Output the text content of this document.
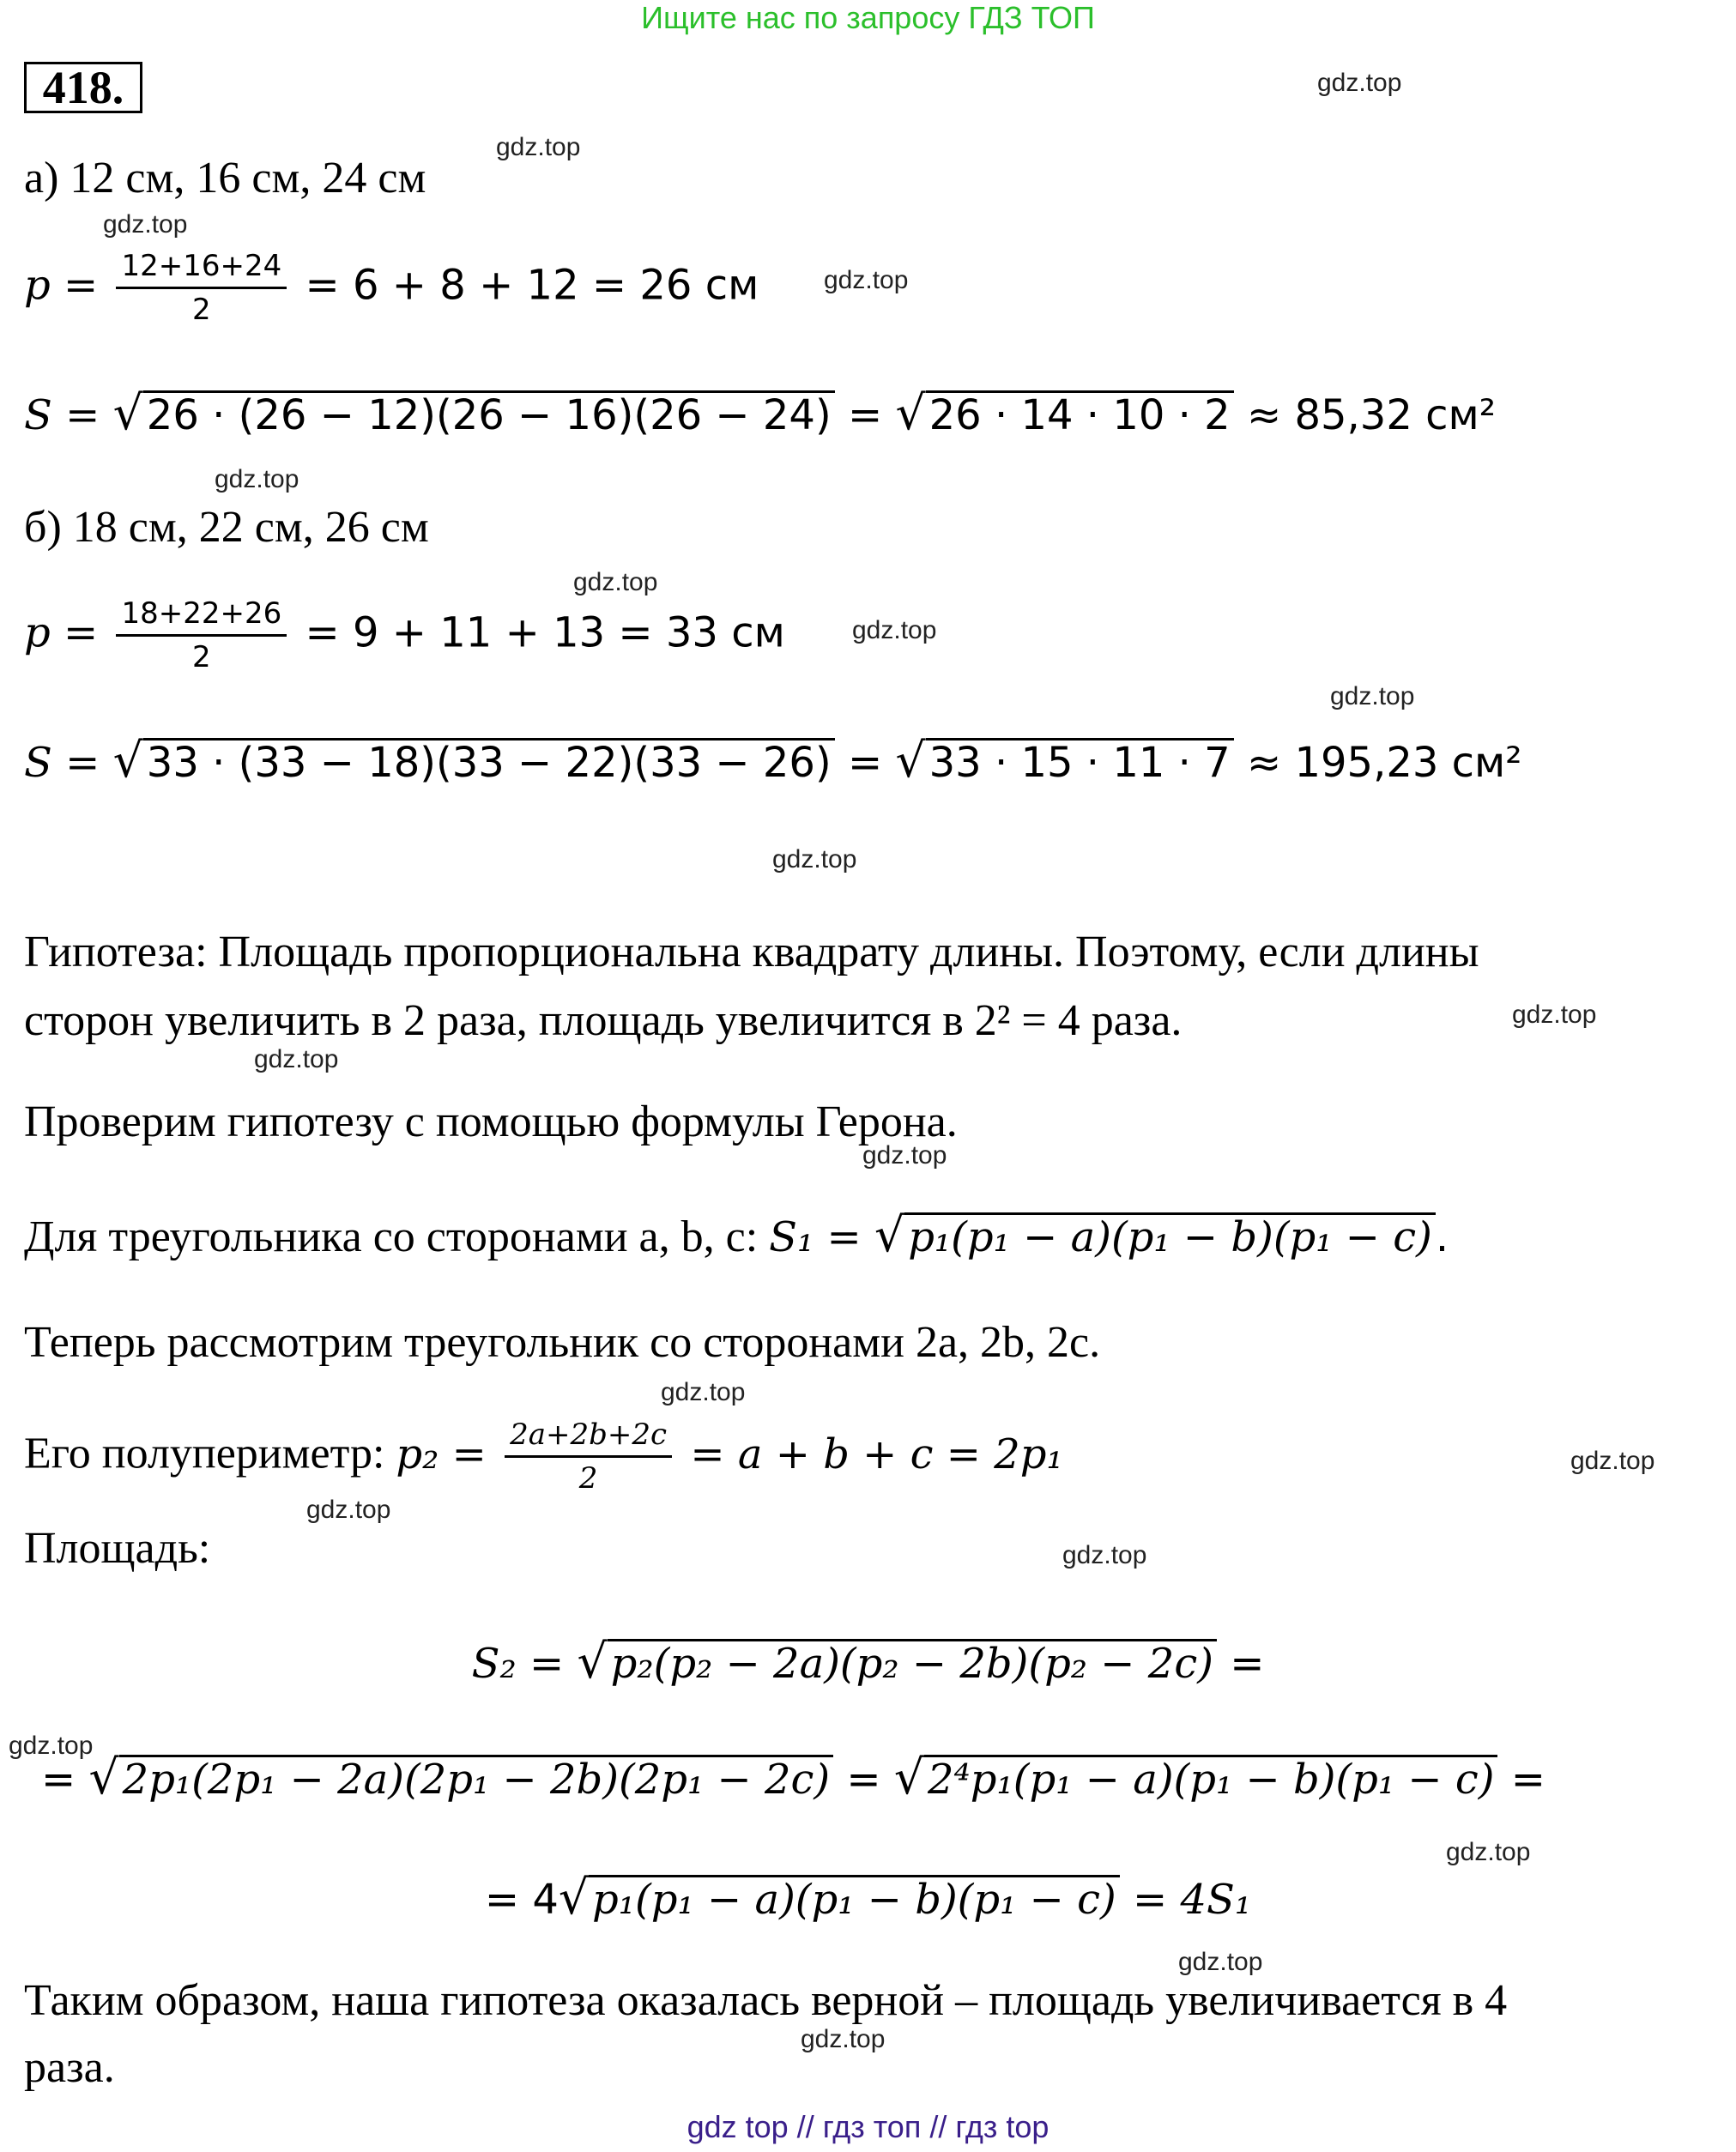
Ищите нас по запросу ГДЗ ТОП
418.
а) 12 см, 16 см, 24 см
$p = \frac{12+16+24}{2} = 6 + 8 + 12 = 26$ см
S = √26 · (26 − 12)(26 − 16)(26 − 24) = √26 · 14 · 10 · 2 ≈ 85,32 см²
б) 18 см, 22 см, 26 см
$p = \frac{18+22+26}{2} = 9 + 11 + 13 = 33$ см
S = √33 · (33 − 18)(33 − 22)(33 − 26) = √33 · 15 · 11 · 7 ≈ 195,23 см²
Гипотеза: Площадь пропорциональна квадрату длины. Поэтому, если длины
сторон увеличить в 2 раза, площадь увеличится в 2² = 4 раза.
Проверим гипотезу с помощью формулы Герона.
Для треугольника со сторонами a, b, c: S₁ = √p₁(p₁ − a)(p₁ − b)(p₁ − c).
Теперь рассмотрим треугольник со сторонами 2a, 2b, 2c.
Его полупериметр: $p_2 = \frac{2a+2b+2c}{2} = a + b + c = 2p_1$
Площадь:
S₂ = √p₂(p₂ − 2a)(p₂ − 2b)(p₂ − 2c) =
= √2p₁(2p₁ − 2a)(2p₁ − 2b)(2p₁ − 2c) = √2⁴p₁(p₁ − a)(p₁ − b)(p₁ − c) =
= 4√p₁(p₁ − a)(p₁ − b)(p₁ − c) = 4S₁
Таким образом, наша гипотеза оказалась верной – площадь увеличивается в 4
раза.
gdz.top
gdz.top
gdz.top
gdz.top
gdz.top
gdz.top
gdz.top
gdz.top
gdz.top
gdz.top
gdz.top
gdz.top
gdz.top
gdz.top
gdz.top
gdz.top
gdz.top
gdz.top
gdz.top
gdz.top
gdz top // гдз топ // гдз top
